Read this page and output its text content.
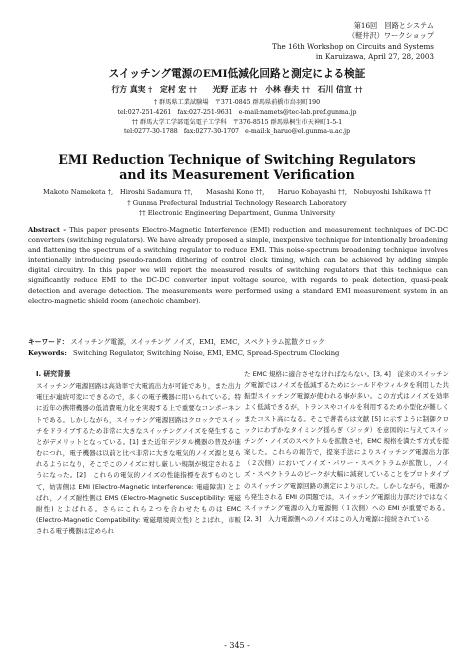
第16回　回路とシステム
（軽井沢）ワークショップ
The 16th Workshop on Circuits and Systems
in Karuizawa, April 27, 28, 2003
スイッチング電源のEMI低減化回路と測定による検証
行方 真実 †　定村 宏 ††　　光野 正志 ††　小林 春夫 ††　石川 信宣 ††
† 群馬県工業試験場　〒371-0845 群馬県前橋市鳥羽町190
tel:027-251-4261　fax:027-251-9631　e-mail:namets@tec-lab.pref.gunma.jp
†† 群馬大学工学部電気電子工学科　〒376-8515 群馬県桐生市天神町1-5-1
tel:0277-30-1788　fax:0277-30-1707　e-mail:k_haruo@el.gunma-u.ac.jp
EMI Reduction Technique of Switching Regulators
and its Measurement Verification
Makoto Nameketa †,　Hiroshi Sadamura ††,　　Masashi Kono ††,　　Haruo Kobayashi ††,　Nobuyoshi Ishikawa ††
† Gunma Prefectural Industrial Technology Research Laboratory
†† Electronic Engineering Department, Gunma University
Abstract - This paper presents Electro-Magnetic Interference (EMI) reduction and measurement techniques of DC-DC converters (switching regulators). We have already proposed a simple, inexpensive technique for intentionally broadening and flattening the spectrum of a switching regulator to reduce EMI. This noise-spectrum broadening technique involves intentionally introducing pseudo-random dithering of control clock timing, which can be achieved by adding simple digital circuitry. In this paper we will report the measured results of switching regulators that this technique can significantly reduce EMI to the DC-DC converter input voltage source, with regards to peak detection, quasi-peak detection and average detection. The measurements were performed using a standard EMI measurement system in an electro-magnetic shield room (anechoic chamber).
キーワード： スイッチング電源，スイッチング ノイズ，EMI，EMC，スペクトラム拡散クロック
Keywords: Switching Regulator, Switching Noise, EMI, EMC, Spread-Spectrum Clocking
I. 研究背景

スイッチング電源回路は高効率で大電流出力が可能であり，また出力電圧が連続可変にできるので，多くの電子機器に用いられている。特に近年の携帯機器の低消費電力化を実現する上で重要なコンポーネントである。しかしながら，スイッチング電源回路はクロックでスイッチをドライブするため非常に大きなスイッチングノイズを発生することがデメリットとなっている。[1] また近年デジタル機器の普及が進むにつれ，電子機器は以前と比べ非常に大きな電気的ノイズ源と見られるようになり，そこでこのノイズに対し厳しい規制が規定されるようになった。[2]　これらの電気的ノイズの性能指標を表すものとして，妨害側は EMI (Electro-Magnetic Interference: 電磁障害) とよばれ，ノイズ耐性側は EMS (Electro-Magnetic Susceptibility: 電磁耐性) とよばれる。さらにこれら２つを合わせたものは EMC (Electro-Magnetic Compatibility: 電磁環境両立性) とよばれ，市販される電子機器は定められ

た EMC 規格に適合させなければならない。[3, 4]　従来のスイッチング電源ではノイズを低減するためにシールドやフィルタを利用した共振型スイッチング電源が使われる事が多い。この方式はノイズを効率よく低減できるが，トランスやコイルを利用するため小型化が難しくまたコスト高になる。そこで著者らは文献 [5] に示すように制御クロックにわずかなタイミング揺らぎ（ジッタ）を意図的に与えてスイッチング・ノイズのスペクトルを拡散させ，EMC 規格を満たす方式を提案した。これらの報告で，提案手法によりスイッチング電源出力部（２次側）においてノイズ・パワー・スペクトラムが拡散し，ノイズ・スペクトラムのピークが大幅に減衰していることをプロトタイプのスイッチング電源回路の測定により示した。しかしながら，電源から発生される EMI の問題では，スイッチング電源出力部だけではなくスイッチング電源の入力電源側（１次側）への EMI が重要である。[2, 3]　入力電源側へのノイズはこの入力電源に接続されている

- 345 -
